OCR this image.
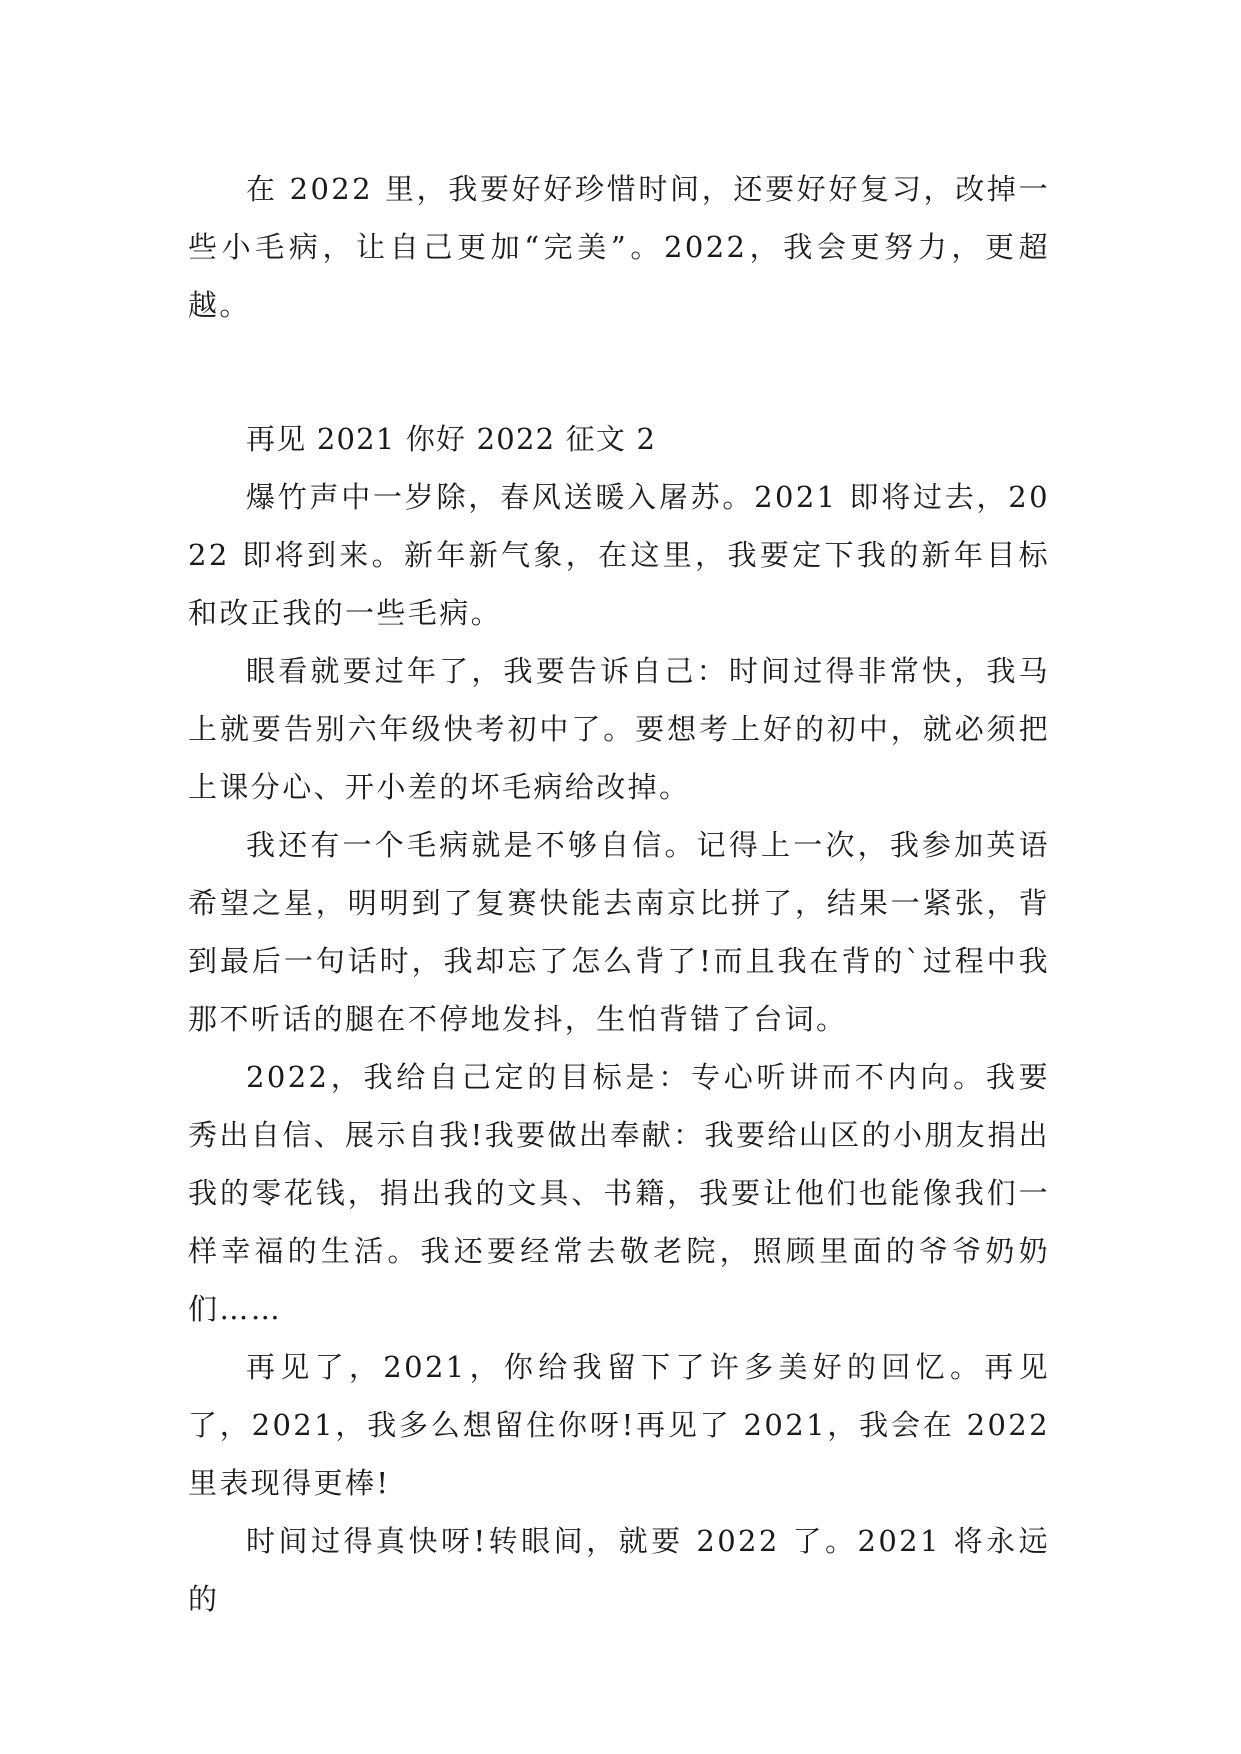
在 2022 里，我要好好珍惜时间，还要好好复习，改掉一些小毛病，让自己更加“完美”。2022，我会更努力，更超越。

再见 2021 你好 2022 征文 2

爆竹声中一岁除，春风送暖入屠苏。2021 即将过去，2022 即将到来。新年新气象，在这里，我要定下我的新年目标和改正我的一些毛病。

眼看就要过年了，我要告诉自己：时间过得非常快，我马上就要告别六年级快考初中了。要想考上好的初中，就必须把上课分心、开小差的坏毛病给改掉。

我还有一个毛病就是不够自信。记得上一次，我参加英语希望之星，明明到了复赛快能去南京比拼了，结果一紧张，背到最后一句话时，我却忘了怎么背了!而且我在背的`过程中我那不听话的腿在不停地发抖，生怕背错了台词。

2022，我给自己定的目标是：专心听讲而不内向。我要秀出自信、展示自我!我要做出奉献：我要给山区的小朋友捐出我的零花钱，捐出我的文具、书籍，我要让他们也能像我们一样幸福的生活。我还要经常去敬老院，照顾里面的爷爷奶奶们……

再见了，2021，你给我留下了许多美好的回忆。再见了，2021，我多么想留住你呀!再见了 2021，我会在 2022 里表现得更棒!

时间过得真快呀!转眼间，就要 2022 了。2021 将永远的
